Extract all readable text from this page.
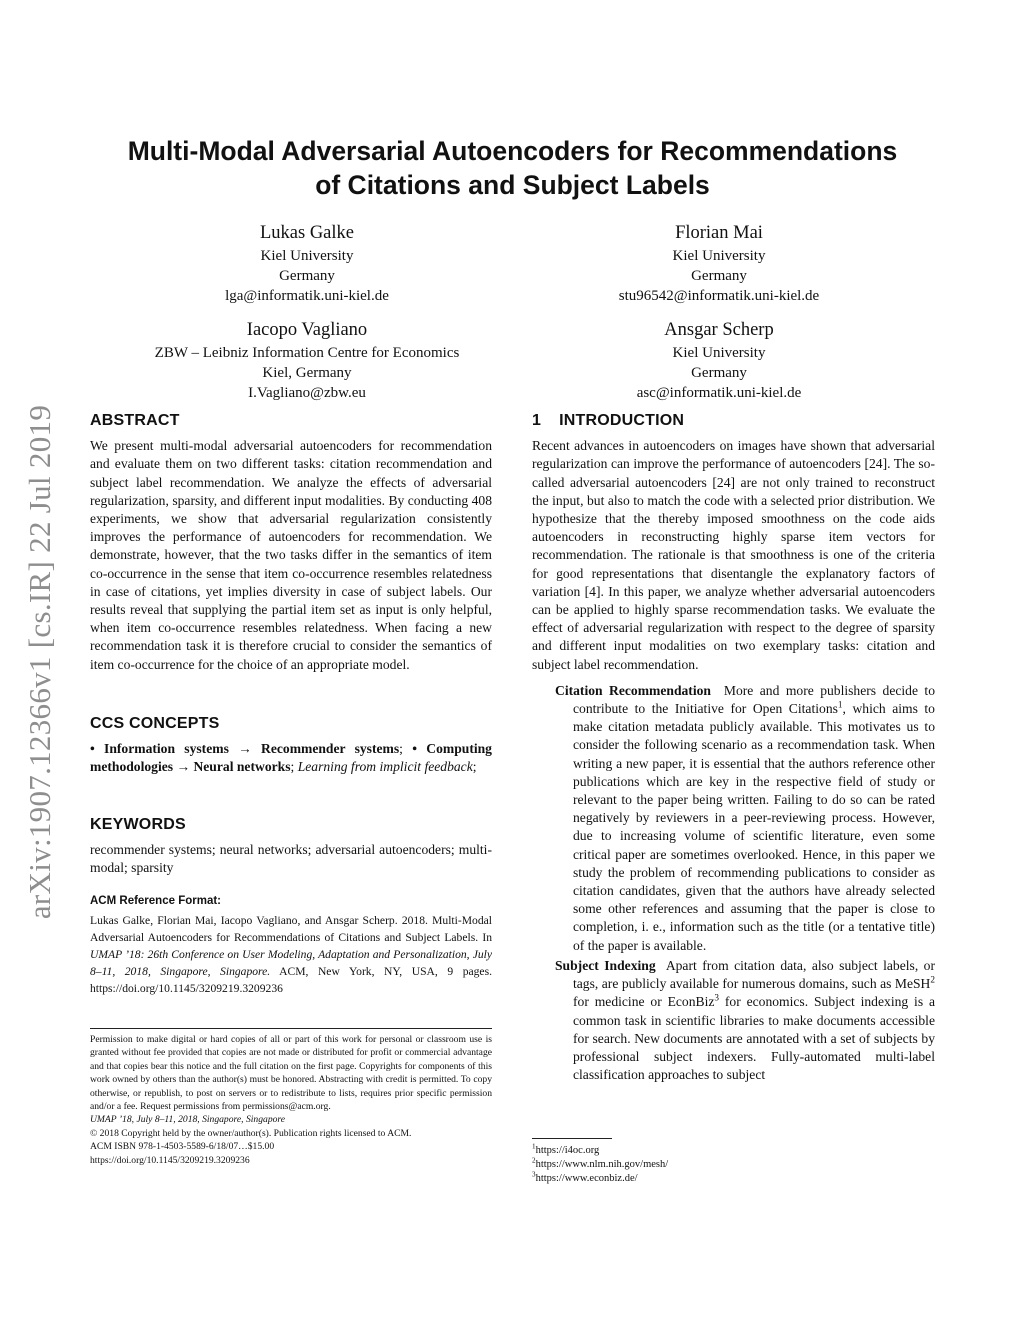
arXiv:1907.12366v1 [cs.IR] 22 Jul 2019
Multi-Modal Adversarial Autoencoders for Recommendations
of Citations and Subject Labels
Lukas Galke
Kiel University
Germany
lga@informatik.uni-kiel.de
Florian Mai
Kiel University
Germany
stu96542@informatik.uni-kiel.de
Iacopo Vagliano
ZBW – Leibniz Information Centre for Economics
Kiel, Germany
I.Vagliano@zbw.eu
Ansgar Scherp
Kiel University
Germany
asc@informatik.uni-kiel.de
ABSTRACT

We present multi-modal adversarial autoencoders for recommendation and evaluate them on two different tasks: citation recommendation and subject label recommendation. We analyze the effects of adversarial regularization, sparsity, and different input modalities. By conducting 408 experiments, we show that adversarial regularization consistently improves the performance of autoencoders for recommendation. We demonstrate, however, that the two tasks differ in the semantics of item co-occurrence in the sense that item co-occurrence resembles relatedness in case of citations, yet implies diversity in case of subject labels. Our results reveal that supplying the partial item set as input is only helpful, when item co-occurrence resembles relatedness. When facing a new recommendation task it is therefore crucial to consider the semantics of item co-occurrence for the choice of an appropriate model.

CCS CONCEPTS

• Information systems → Recommender systems; • Computing methodologies → Neural networks; Learning from implicit feedback;

KEYWORDS

recommender systems; neural networks; adversarial autoencoders; multi-modal; sparsity

ACM Reference Format:

Lukas Galke, Florian Mai, Iacopo Vagliano, and Ansgar Scherp. 2018. Multi-Modal Adversarial Autoencoders for Recommendations of Citations and Subject Labels. In UMAP ’18: 26th Conference on User Modeling, Adaptation and Personalization, July 8–11, 2018, Singapore, Singapore. ACM, New York, NY, USA, 9 pages. https://doi.org/10.1145/3209219.3209236

Permission to make digital or hard copies of all or part of this work for personal or classroom use is granted without fee provided that copies are not made or distributed for profit or commercial advantage and that copies bear this notice and the full citation on the first page. Copyrights for components of this work owned by others than the author(s) must be honored. Abstracting with credit is permitted. To copy otherwise, or republish, to post on servers or to redistribute to lists, requires prior specific permission and/or a fee. Request permissions from permissions@acm.org.

UMAP ’18, July 8–11, 2018, Singapore, Singapore

© 2018 Copyright held by the owner/author(s). Publication rights licensed to ACM.

ACM ISBN 978-1-4503-5589-6/18/07…$15.00

https://doi.org/10.1145/3209219.3209236

1 INTRODUCTION

Recent advances in autoencoders on images have shown that adversarial regularization can improve the performance of autoencoders [24]. The so-called adversarial autoencoders [24] are not only trained to reconstruct the input, but also to match the code with a selected prior distribution. We hypothesize that the thereby imposed smoothness on the code aids autoencoders in reconstructing highly sparse item vectors for recommendation. The rationale is that smoothness is one of the criteria for good representations that disentangle the explanatory factors of variation [4]. In this paper, we analyze whether adversarial autoencoders can be applied to highly sparse recommendation tasks. We evaluate the effect of adversarial regularization with respect to the degree of sparsity and different input modalities on two exemplary tasks: citation and subject label recommendation.

Citation Recommendation More and more publishers decide to contribute to the Initiative for Open Citations$^1$, which aims to make citation metadata publicly available. This motivates us to consider the following scenario as a recommendation task. When writing a new paper, it is essential that the authors reference other publications which are key in the respective field of study or relevant to the paper being written. Failing to do so can be rated negatively by reviewers in a peer-reviewing process. However, due to increasing volume of scientific literature, even some critical paper are sometimes overlooked. Hence, in this paper we study the problem of recommending publications to consider as citation candidates, given that the authors have already selected some other references and assuming that the paper is close to completion, i. e., information such as the title (or a tentative title) of the paper is available.

Subject Indexing Apart from citation data, also subject labels, or tags, are publicly available for numerous domains, such as MeSH$^2$ for medicine or EconBiz$^3$ for economics. Subject indexing is a common task in scientific libraries to make documents accessible for search. New documents are annotated with a set of subjects by professional subject indexers. Fully-automated multi-label classification approaches to subject

$^1$https://i4oc.org
$^2$https://www.nlm.nih.gov/mesh/
$^3$https://www.econbiz.de/
